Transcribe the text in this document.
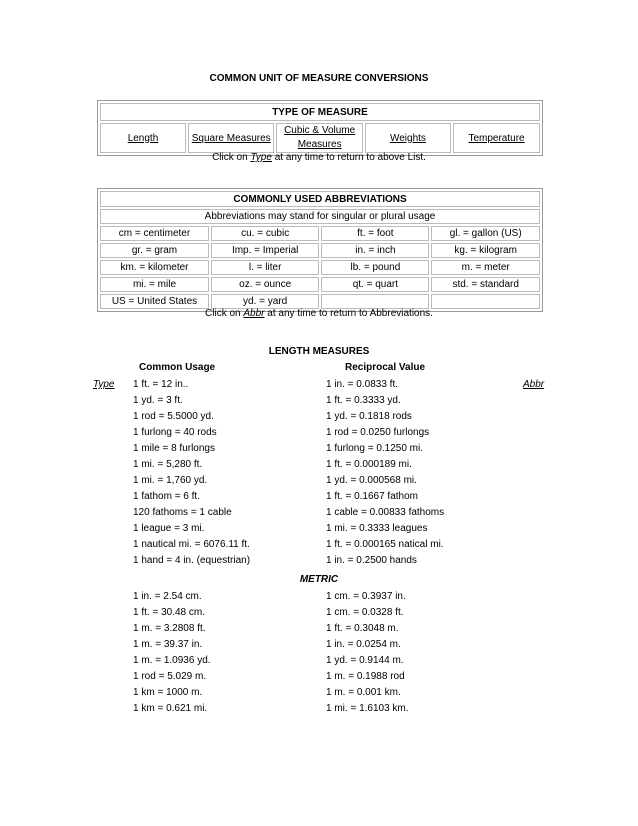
COMMON UNIT OF MEASURE CONVERSIONS
TYPE OF MEASURE
Length	Square Measures	Cubic & Volume Measures	Weights	Temperature
Click on Type at any time to return to above List.
COMMONLY USED ABBREVIATIONS			
Abbreviations may stand for singular or plural usage			
cm = centimeter	cu. = cubic	ft. = foot	gl. = gallon (US)
gr. = gram	Imp. = Imperial	in. = inch	kg. = kilogram
km. = kilometer	l. = liter	lb. = pound	m. = meter
mi. = mile	oz. = ounce	qt. = quart	std. = standard
US = United States	yd. = yard		
Click on Abbr at any time to return to Abbreviations.
LENGTH MEASURES
Common Usage	Reciprocal Value
Type	Abbr
1 ft. = 12 in..	1 in. = 0.0833 ft.
1 yd. = 3 ft.	1 ft. = 0.3333 yd.
1 rod = 5.5000 yd.	1 yd. = 0.1818 rods
1 furlong = 40 rods	1 rod = 0.0250 furlongs
1 mile = 8 furlongs	1 furlong = 0.1250 mi.
1 mi. = 5,280 ft.	1 ft. = 0.000189 mi.
1 mi. = 1,760 yd.	1 yd. = 0.000568 mi.
1 fathom = 6 ft.	1 ft. = 0.1667 fathom
120 fathoms = 1 cable	1 cable = 0.00833 fathoms
1 league = 3 mi.	1 mi. = 0.3333 leagues
1 nautical mi. = 6076.11 ft.	1 ft. = 0.000165 natical mi.
1 hand = 4 in. (equestrian)	1 in. = 0.2500 hands
METRIC
1 in. = 2.54 cm.	1 cm. = 0.3937 in.
1 ft. = 30.48 cm.	1 cm. = 0.0328 ft.
1 m. = 3.2808 ft.	1 ft. = 0.3048 m.
1 m. = 39.37 in.	1 in. = 0.0254 m.
1 m. = 1.0936 yd.	1 yd. = 0.9144 m.
1 rod = 5.029 m.	1 m. = 0.1988 rod
1 km = 1000 m.	1 m. = 0.001 km.
1 km = 0.621 mi.	1 mi. = 1.6103 km.
